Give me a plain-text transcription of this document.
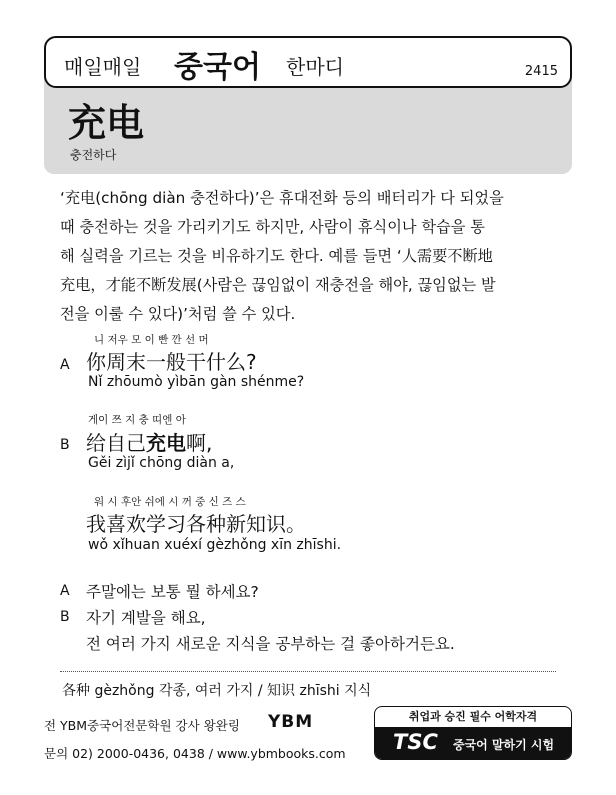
매일매일 중국어 한마디	2415
充电
충전하다

‘充电(chōng diàn 충전하다)’은 휴대전화 등의 배터리가 다 되었을

때 충전하는 것을 가리키기도 하지만, 사람이 휴식이나 학습을 통

해 실력을 기르는 것을 비유하기도 한다. 예를 들면 ‘人需要不断地

充电，才能不断发展(사람은 끊임없이 재충전을 해야, 끊임없는 발

전을 이룰 수 있다)’처럼 쓸 수 있다.

니 저우 모 이 빤 깐 선 머
A 你周末一般干什么?
Nǐ zhōumò yìbān gàn shénme?
게이 쯔 지 충 띠엔 아
B 给自己充电啊,
Gěi zìjǐ chōng diàn a,
워 시 후안 쉬에 시 꺼 중 신 즈 스
我喜欢学习各种新知识。
wǒ xǐhuan xuéxí gèzhǒng xīn zhīshi.
A 주말에는 보통 뭘 하세요?
B 자기 계발을 해요,
전 여러 가지 새로운 지식을 공부하는 걸 좋아하거든요.
各种 gèzhǒng 각종, 여러 가지 / 知识 zhīshi 지식
전 YBM중국어전문학원 강사 왕완링 YBM
문의 02) 2000-0436, 0438 / www.ybmbooks.com
취업과 승진 필수 어학자격
TSC 중국어 말하기 시험
